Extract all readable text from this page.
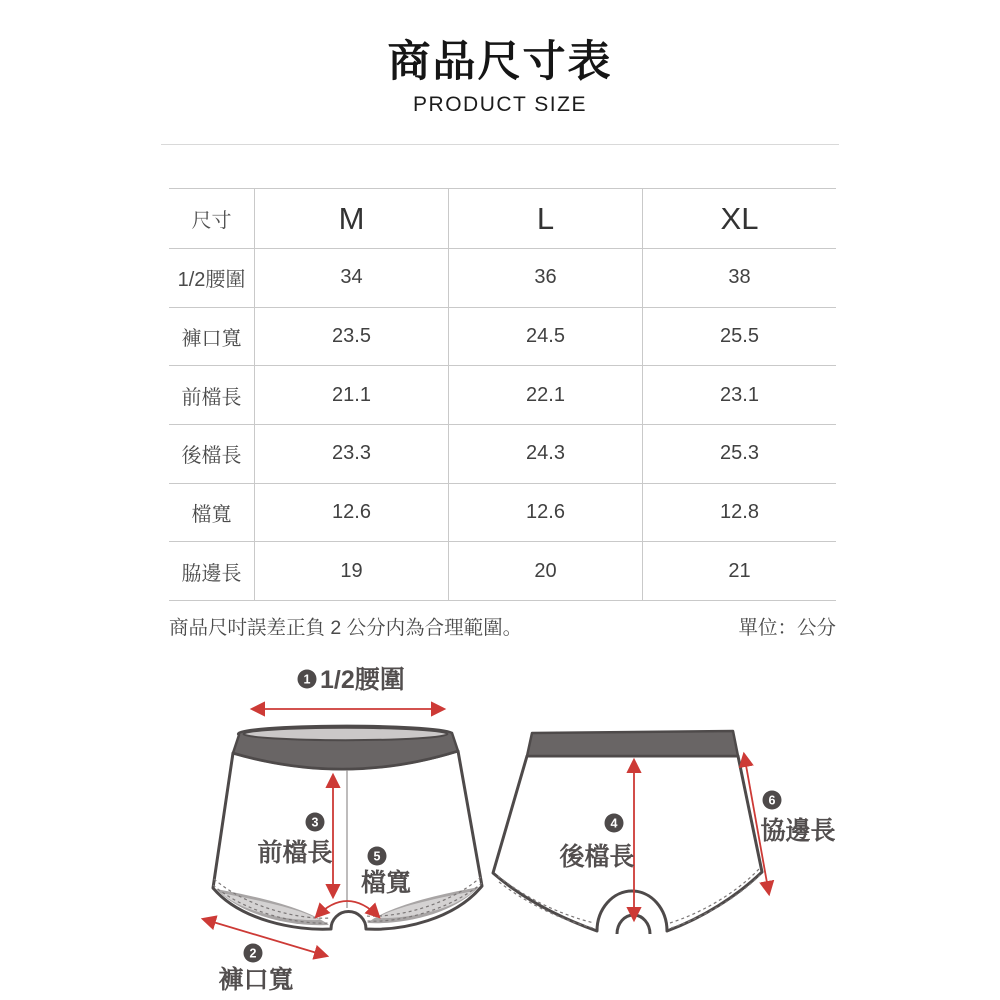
商品尺寸表
PRODUCT SIZE
尺寸	M	L	XL
1/2腰圍	34	36	38
褲口寬	23.5	24.5	25.5
前檔長	21.1	22.1	23.1
後檔長	23.3	24.3	25.3
檔寬	12.6	12.6	12.8
脇邊長	19	20	21
商品尺吋誤差正負 2 公分内為合理範圍。	單位：公分
1 1/2腰圍
3
前檔長	5
檔寬
2
褲口寬
4
後檔長
6
協邊長
